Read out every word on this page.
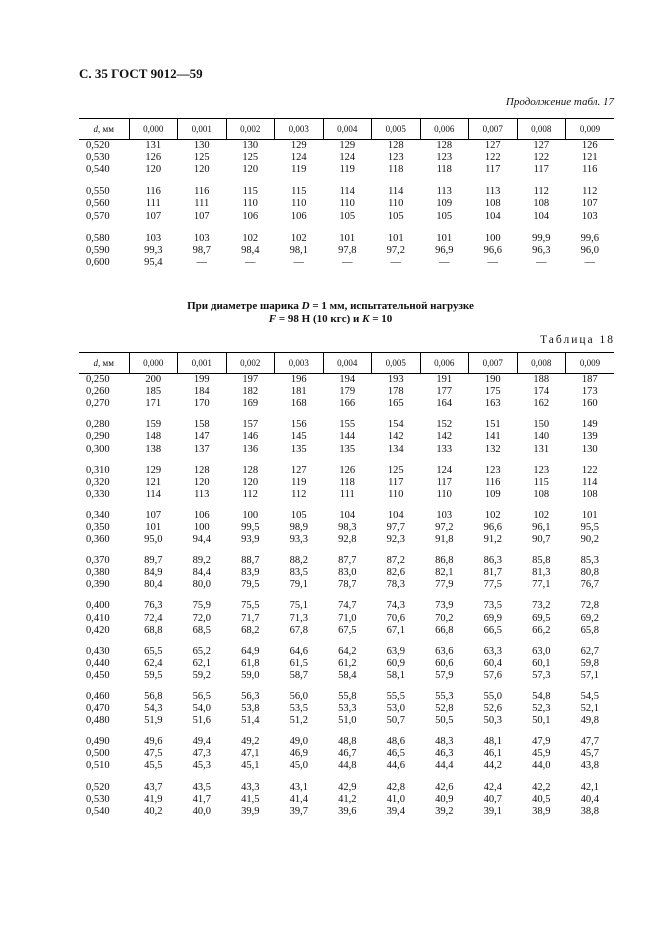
С. 35 ГОСТ 9012—59
Продолжение табл. 17
d, мм	0,000	0,001	0,002	0,003	0,004	0,005	0,006	0,007	0,008	0,009
0,520	131	130	130	129	129	128	128	127	127	126
0,530	126	125	125	124	124	123	123	122	122	121
0,540	120	120	120	119	119	118	118	117	117	116
0,550	116	116	115	115	114	114	113	113	112	112
0,560	111	111	110	110	110	110	109	108	108	107
0,570	107	107	106	106	105	105	105	104	104	103
0,580	103	103	102	102	101	101	101	100	99,9	99,6
0,590	99,3	98,7	98,4	98,1	97,8	97,2	96,9	96,6	96,3	96,0
0,600	95,4	—	—	—	—	—	—	—	—	—
При диаметре шарика D = 1 мм, испытательной нагрузке
F = 98 Н (10 кгс) и K = 10
Таблица 18
d, мм	0,000	0,001	0,002	0,003	0,004	0,005	0,006	0,007	0,008	0,009
0,250	200	199	197	196	194	193	191	190	188	187
0,260	185	184	182	181	179	178	177	175	174	173
0,270	171	170	169	168	166	165	164	163	162	160
0,280	159	158	157	156	155	154	152	151	150	149
0,290	148	147	146	145	144	142	142	141	140	139
0,300	138	137	136	135	135	134	133	132	131	130
0,310	129	128	128	127	126	125	124	123	123	122
0,320	121	120	120	119	118	117	117	116	115	114
0,330	114	113	112	112	111	110	110	109	108	108
0,340	107	106	100	105	104	104	103	102	102	101
0,350	101	100	99,5	98,9	98,3	97,7	97,2	96,6	96,1	95,5
0,360	95,0	94,4	93,9	93,3	92,8	92,3	91,8	91,2	90,7	90,2
0,370	89,7	89,2	88,7	88,2	87,7	87,2	86,8	86,3	85,8	85,3
0,380	84,9	84,4	83,9	83,5	83,0	82,6	82,1	81,7	81,3	80,8
0,390	80,4	80,0	79,5	79,1	78,7	78,3	77,9	77,5	77,1	76,7
0,400	76,3	75,9	75,5	75,1	74,7	74,3	73,9	73,5	73,2	72,8
0,410	72,4	72,0	71,7	71,3	71,0	70,6	70,2	69,9	69,5	69,2
0,420	68,8	68,5	68,2	67,8	67,5	67,1	66,8	66,5	66,2	65,8
0,430	65,5	65,2	64,9	64,6	64,2	63,9	63,6	63,3	63,0	62,7
0,440	62,4	62,1	61,8	61,5	61,2	60,9	60,6	60,4	60,1	59,8
0,450	59,5	59,2	59,0	58,7	58,4	58,1	57,9	57,6	57,3	57,1
0,460	56,8	56,5	56,3	56,0	55,8	55,5	55,3	55,0	54,8	54,5
0,470	54,3	54,0	53,8	53,5	53,3	53,0	52,8	52,6	52,3	52,1
0,480	51,9	51,6	51,4	51,2	51,0	50,7	50,5	50,3	50,1	49,8
0,490	49,6	49,4	49,2	49,0	48,8	48,6	48,3	48,1	47,9	47,7
0,500	47,5	47,3	47,1	46,9	46,7	46,5	46,3	46,1	45,9	45,7
0,510	45,5	45,3	45,1	45,0	44,8	44,6	44,4	44,2	44,0	43,8
0,520	43,7	43,5	43,3	43,1	42,9	42,8	42,6	42,4	42,2	42,1
0,530	41,9	41,7	41,5	41,4	41,2	41,0	40,9	40,7	40,5	40,4
0,540	40,2	40,0	39,9	39,7	39,6	39,4	39,2	39,1	38,9	38,8
